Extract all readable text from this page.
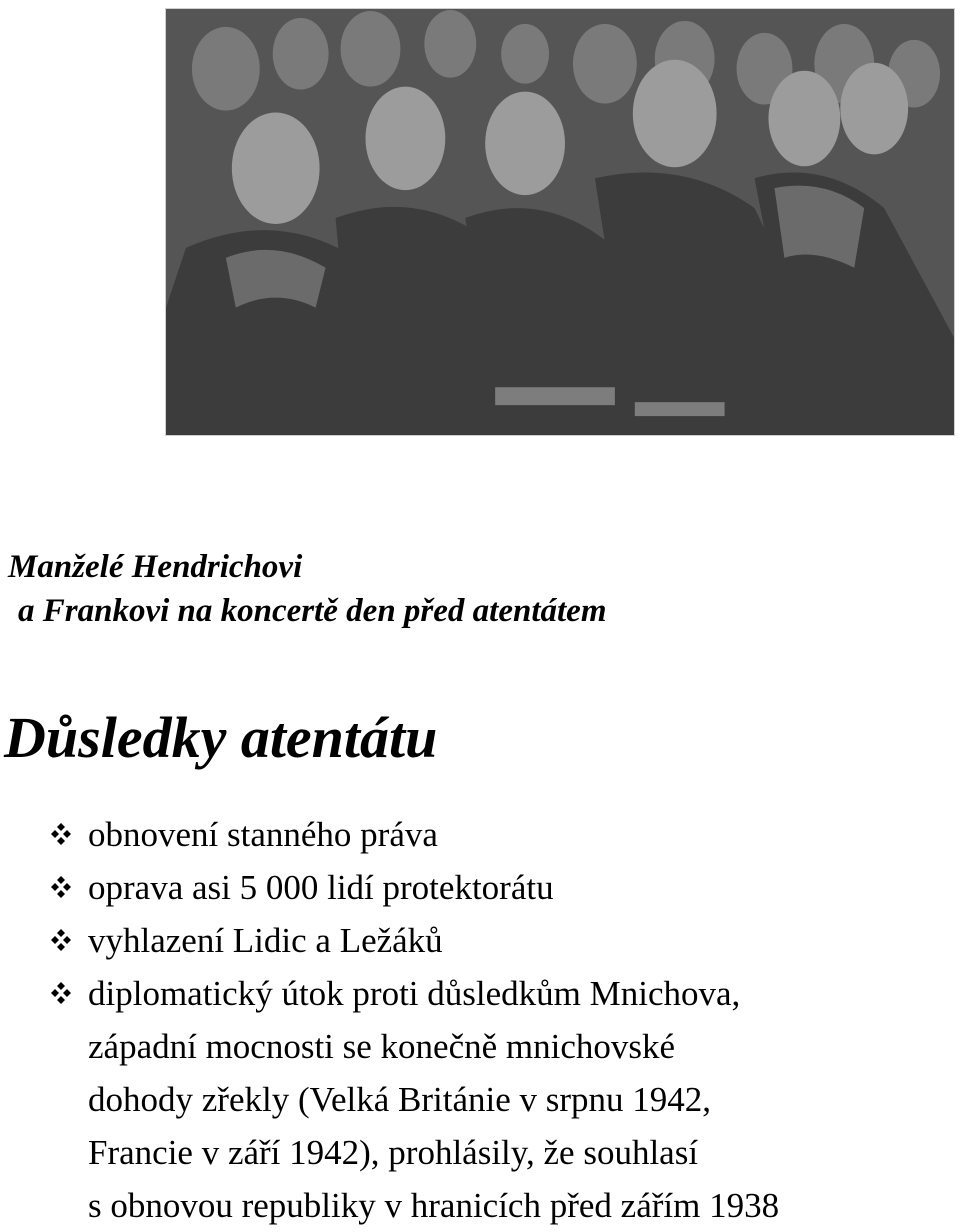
Manželé Hendrichovi
a Frankovi na koncertě den před atentátem
Důsledky atentátu
obnovení stanného práva
oprava asi 5 000 lidí protektorátu
vyhlazení Lidic a Ležáků
diplomatický útok proti důsledkům Mnichova,
západní mocnosti se konečně mnichovské
dohody zřekly (Velká Británie v srpnu 1942,
Francie v září 1942), prohlásily, že souhlasí
s obnovou republiky v hranicích před zářím 1938
